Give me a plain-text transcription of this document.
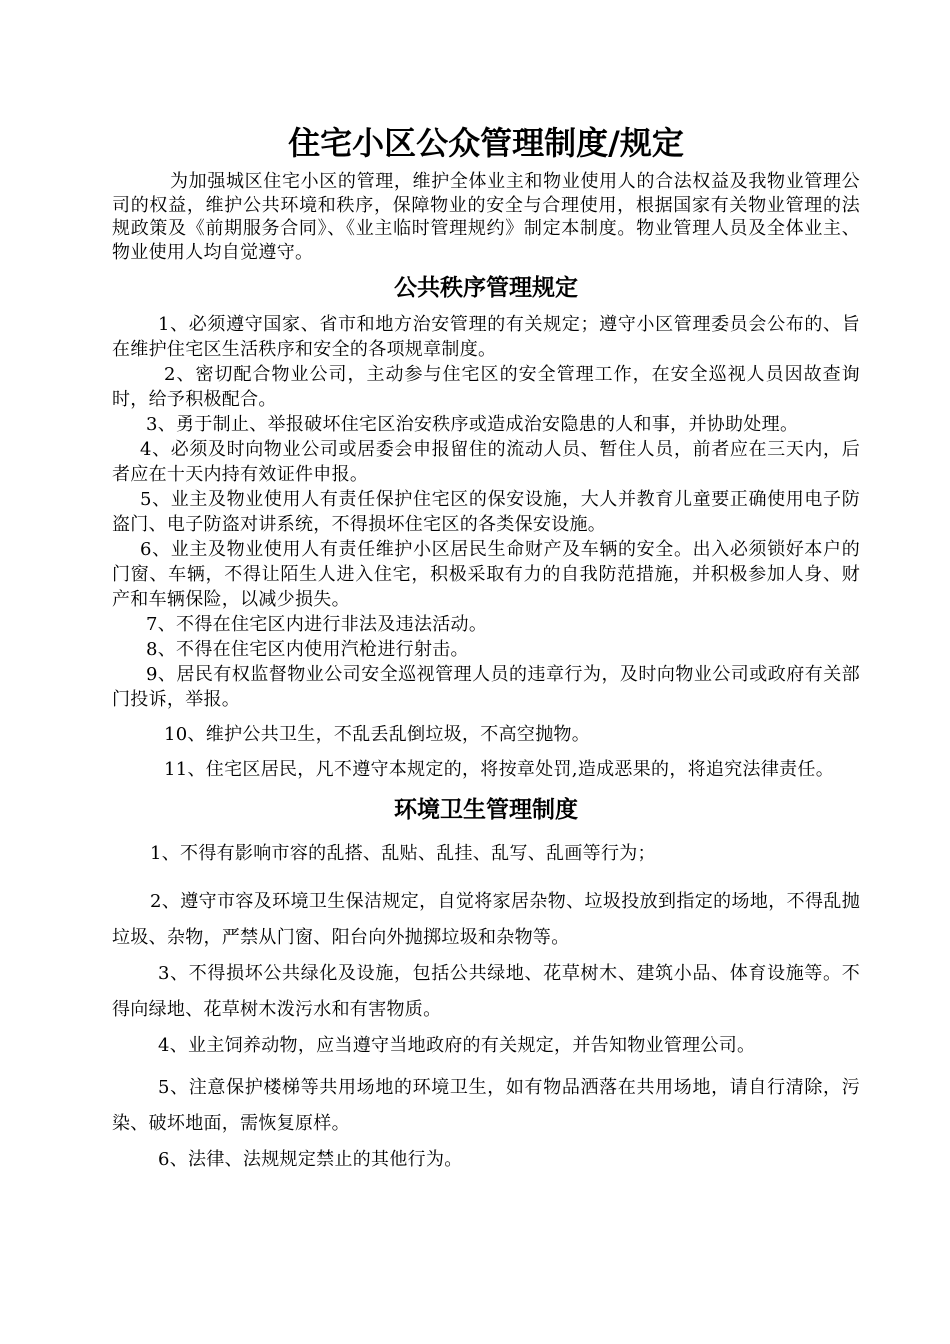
住宅小区公众管理制度/规定

为加强城区住宅小区的管理，维护全体业主和物业使用人的合法权益及我物业管理公司的权益，维护公共环境和秩序，保障物业的安全与合理使用，根据国家有关物业管理的法规政策及《前期服务合同》、《业主临时管理规约》制定本制度。物业管理人员及全体业主、物业使用人均自觉遵守。

公共秩序管理规定

1、必须遵守国家、省市和地方治安管理的有关规定；遵守小区管理委员会公布的、旨在维护住宅区生活秩序和安全的各项规章制度。

2、密切配合物业公司，主动参与住宅区的安全管理工作，在安全巡视人员因故查询时，给予积极配合。

3、勇于制止、举报破坏住宅区治安秩序或造成治安隐患的人和事，并协助处理。

4、必须及时向物业公司或居委会申报留住的流动人员、暂住人员，前者应在三天内，后者应在十天内持有效证件申报。

5、业主及物业使用人有责任保护住宅区的保安设施，大人并教育儿童要正确使用电子防盗门、电子防盗对讲系统，不得损坏住宅区的各类保安设施。

6、业主及物业使用人有责任维护小区居民生命财产及车辆的安全。出入必须锁好本户的门窗、车辆，不得让陌生人进入住宅，积极采取有力的自我防范措施，并积极参加人身、财产和车辆保险，以减少损失。

7、不得在住宅区内进行非法及违法活动。

8、不得在住宅区内使用汽枪进行射击。

9、居民有权监督物业公司安全巡视管理人员的违章行为，及时向物业公司或政府有关部门投诉，举报。

10、维护公共卫生，不乱丢乱倒垃圾，不高空抛物。

11、住宅区居民，凡不遵守本规定的，将按章处罚,造成恶果的，将追究法律责任。

环境卫生管理制度

1、不得有影响市容的乱搭、乱贴、乱挂、乱写、乱画等行为；

2、遵守市容及环境卫生保洁规定，自觉将家居杂物、垃圾投放到指定的场地，不得乱抛垃圾、杂物，严禁从门窗、阳台向外抛掷垃圾和杂物等。

3、不得损坏公共绿化及设施，包括公共绿地、花草树木、建筑小品、体育设施等。不得向绿地、花草树木泼污水和有害物质。

4、业主饲养动物，应当遵守当地政府的有关规定，并告知物业管理公司。

5、注意保护楼梯等共用场地的环境卫生，如有物品洒落在共用场地，请自行清除，污染、破坏地面，需恢复原样。

6、法律、法规规定禁止的其他行为。
